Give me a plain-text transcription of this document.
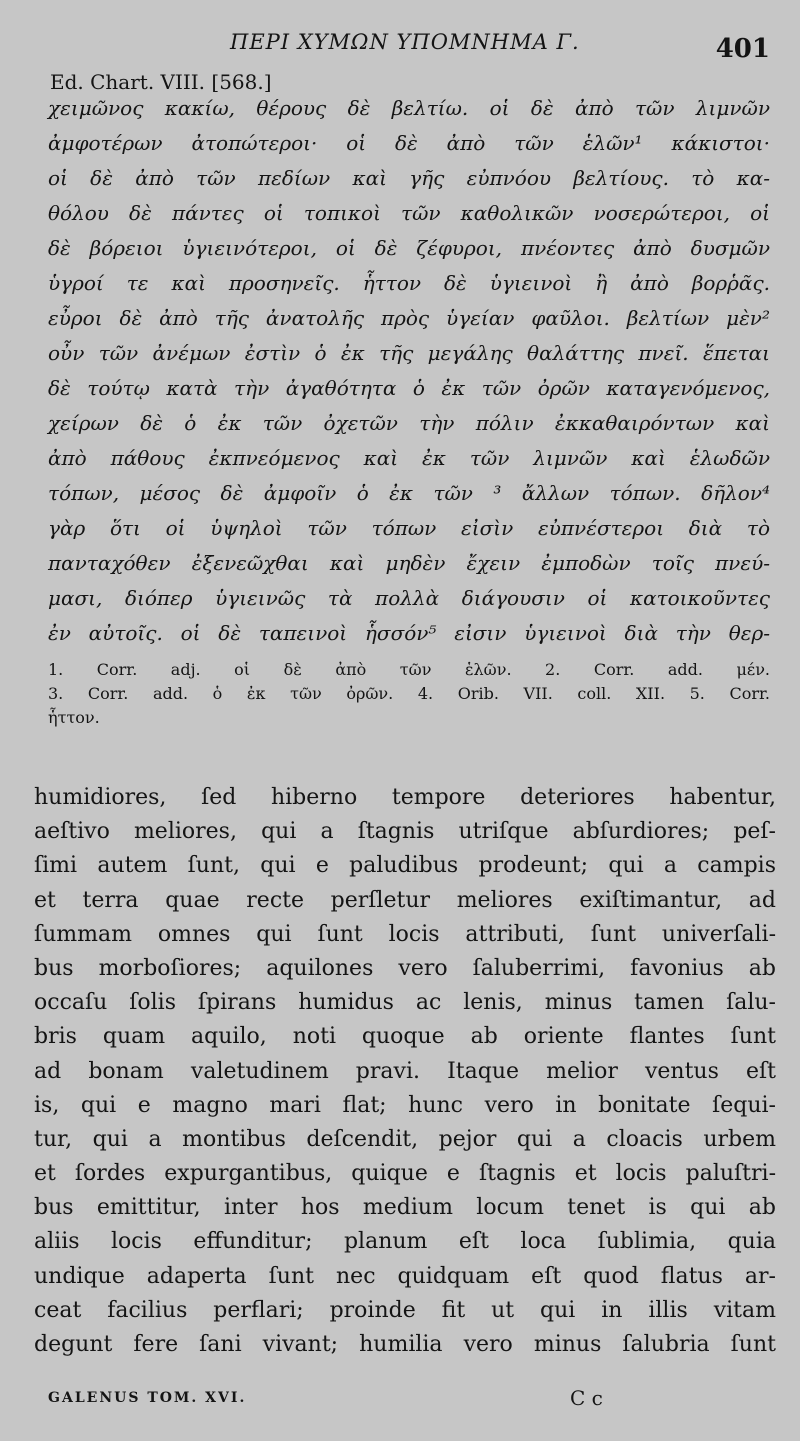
ΠΕΡΙ ΧΥΜΩΝ ΥΠΟΜΝΗΜΑ Γ.	401
Ed. Chart. VIII. [568.]
χειμῶνος κακίω, θέρους δὲ βελτίω. οἱ δὲ ἀπὸ τῶν λιμνῶν
ἀμφοτέρων ἀτοπώτεροι· οἱ δὲ ἀπὸ τῶν ἑλῶν¹ κάκιστοι·
οἱ δὲ ἀπὸ τῶν πεδίων καὶ γῆς εὐπνόου βελτίους. τὸ κα-
θόλου δὲ πάντες οἱ τοπικοὶ τῶν καθολικῶν νοσερώτεροι, οἱ
δὲ βόρειοι ὑγιεινότεροι, οἱ δὲ ζέφυροι, πνέοντες ἀπὸ δυσμῶν
ὑγροί τε καὶ προσηνεῖς. ἧττον δὲ ὑγιεινοὶ ἢ ἀπὸ βορῥᾶς.
εὖροι δὲ ἀπὸ τῆς ἀνατολῆς πρὸς ὑγείαν φαῦλοι. βελτίων μὲν²
οὖν τῶν ἀνέμων ἐστὶν ὁ ἐκ τῆς μεγάλης θαλάττης πνεῖ. ἕπεται
δὲ τούτῳ κατὰ τὴν ἀγαθότητα ὁ ἐκ τῶν ὀρῶν καταγενόμενος,
χείρων δὲ ὁ ἐκ τῶν ὀχετῶν τὴν πόλιν ἐκκαθαιρόντων καὶ
ἀπὸ πάθους ἐκπνεόμενος καὶ ἐκ τῶν λιμνῶν καὶ ἑλωδῶν
τόπων, μέσος δὲ ἀμφοῖν ὁ ἐκ τῶν ³ ἄλλων τόπων. δῆλον⁴
γὰρ ὅτι οἱ ὑψηλοὶ τῶν τόπων εἰσὶν εὐπνέστεροι διὰ τὸ
πανταχόθεν ἐξενεῶχθαι καὶ μηδὲν ἔχειν ἐμποδὼν τοῖς πνεύ-
μασι, διόπερ ὑγιεινῶς τὰ πολλὰ διάγουσιν οἱ κατοικοῦντες
ἐν αὐτοῖς. οἱ δὲ ταπεινοὶ ἧσσόν⁵ εἰσιν ὑγιεινοὶ διὰ τὴν θερ-
1. Corr. adj. οἱ δὲ ἀπὸ τῶν ἑλῶν. 2. Corr. add. μέν.
3. Corr. add. ὁ ἐκ τῶν ὀρῶν. 4. Orib. VII. coll. XII. 5. Corr.
ἧττον.
humidiores, ſed hiberno tempore deteriores habentur,
aeſtivo meliores, qui a ſtagnis utriſque abſurdiores; peſ-
ſimi autem ſunt, qui e paludibus prodeunt; qui a campis
et terra quae recte perſletur meliores exiſtimantur, ad
ſummam omnes qui ſunt locis attributi, ſunt univerſali-
bus morboſiores; aquilones vero ſaluberrimi, favonius ab
occaſu ſolis ſpirans humidus ac lenis, minus tamen ſalu-
bris quam aquilo, noti quoque ab oriente flantes ſunt
ad bonam valetudinem pravi. Itaque melior ventus eſt
is, qui e magno mari flat; hunc vero in bonitate ſequi-
tur, qui a montibus deſcendit, pejor qui a cloacis urbem
et ſordes expurgantibus, quique e ſtagnis et locis paluſtri-
bus emittitur, inter hos medium locum tenet is qui ab
aliis locis effunditur; planum eſt loca ſublimia, quia
undique adaperta ſunt nec quidquam eſt quod flatus ar-
ceat facilius perflari; proinde fit ut qui in illis vitam
degunt fere ſani vivant; humilia vero minus ſalubria ſunt
GALENUS TOM. XVI.	C c
